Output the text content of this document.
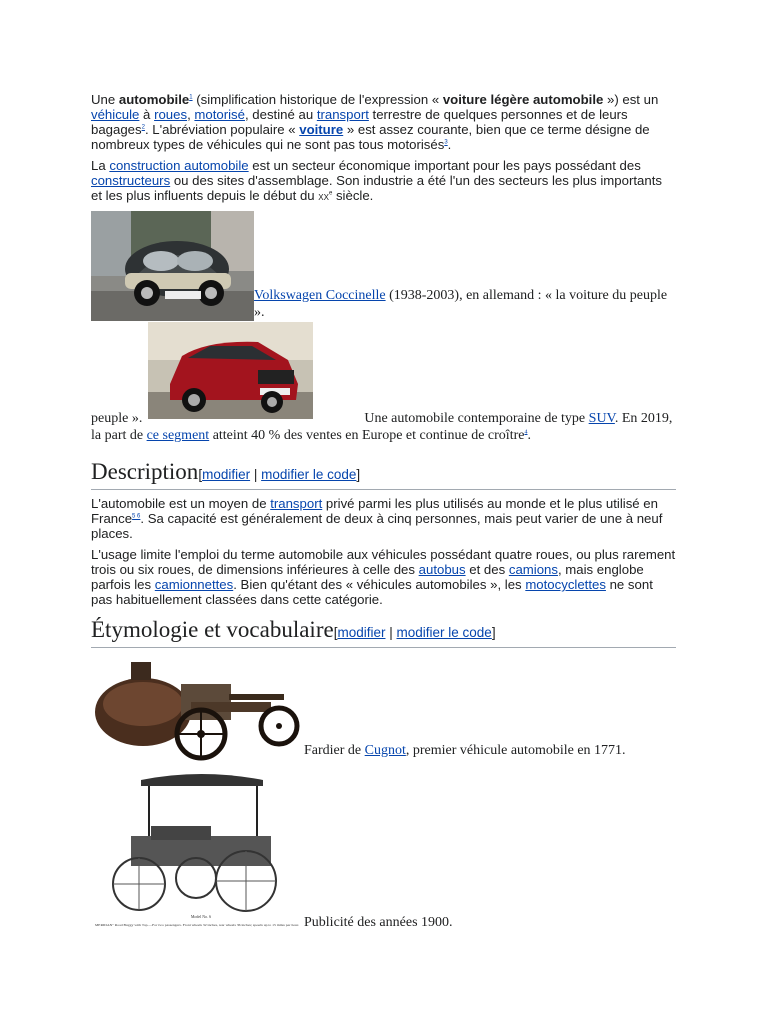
Une automobile$^1$ (simplification historique de l'expression « voiture légère automobile ») est un véhicule à roues, motorisé, destiné au transport terrestre de quelques personnes et de leurs bagages$^2$. L'abréviation populaire « voiture » est assez courante, bien que ce terme désigne de nombreux types de véhicules qui ne sont pas tous motorisés$^3$.

La construction automobile est un secteur économique important pour les pays possédant des constructeurs ou des sites d'assemblage. Son industrie a été l'un des secteurs les plus importants et les plus influents depuis le début du $xx^e$ siècle.

Volkswagen Coccinelle (1938-2003), en allemand : « la voiture du peuple ».
peuple ».	Une automobile contemporaine de type SUV. En 2019, la part de ce segment atteint 40 % des ventes en Europe et continue de croître$^4$.
Description[modifier | modifier le code]

L'automobile est un moyen de transport privé parmi les plus utilisés au monde et le plus utilisé en France$^{5 6}$. Sa capacité est généralement de deux à cinq personnes, mais peut varier de une à neuf places.

L'usage limite l'emploi du terme automobile aux véhicules possédant quatre roues, ou plus rarement trois ou six roues, de dimensions inférieures à celle des autobus et des camions, mais englobe parfois les camionnettes. Bien qu'étant des « véhicules automobiles », les motocyclettes ne sont pas habituellement classées dans cette catégorie.

Étymologie et vocabulaire[modifier | modifier le code]
Fardier de Cugnot, premier véhicule automobile en 1771.
Model No. 6
MERIDAN" Road Buggy with Top.—For two passengers. Front wheels 32 inches, rear wheels 36 inches; speeds up to 15 miles per hour.	Publicité des années 1900.
